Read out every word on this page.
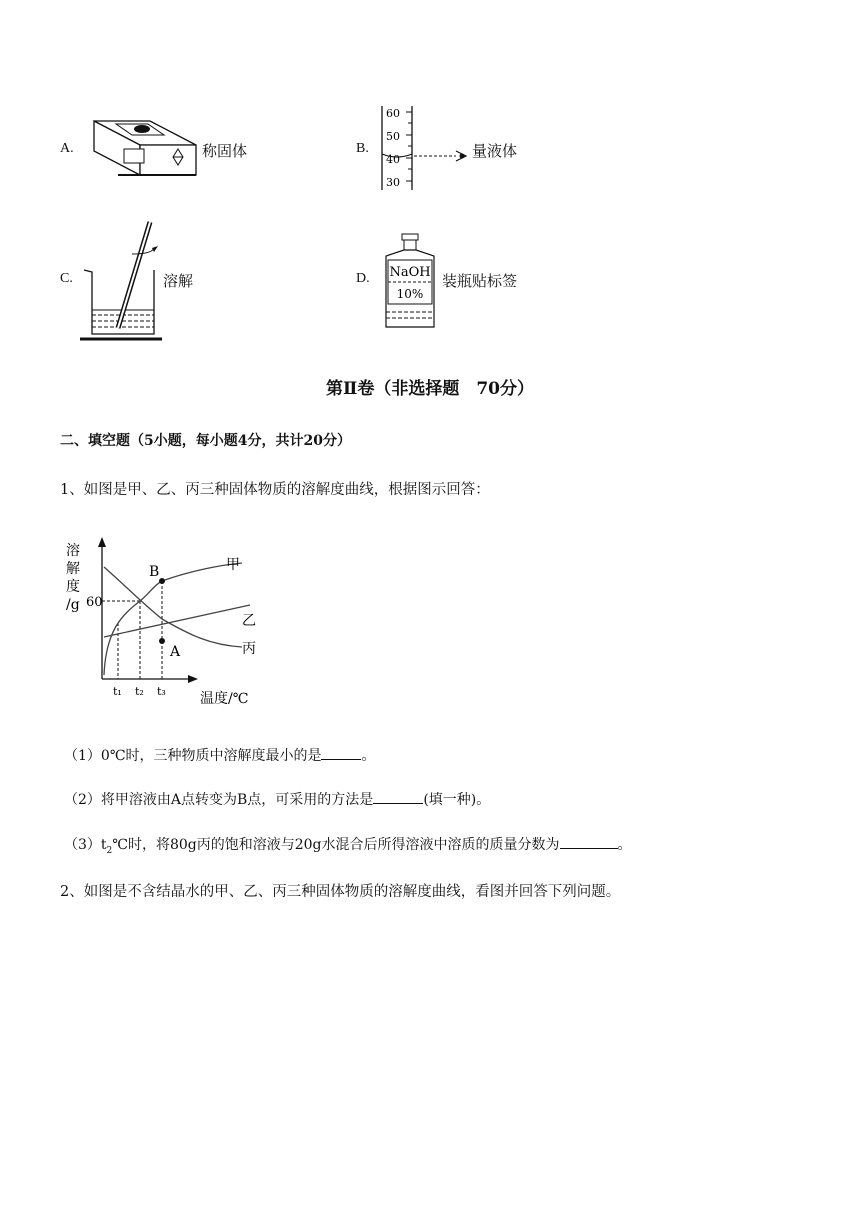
A.	称固体	B.
60
50
40
30
量液体
C.	溶解	D. NaOH
10%
装瓶贴标签
第Ⅱ卷（非选择题　70分）
二、填空题（5小题，每小题4分，共计20分）
1、如图是甲、乙、丙三种固体物质的溶解度曲线，根据图示回答：
溶
解
度
/g 60
B
A
甲
乙
丙
t₁ t₂ t₃ 温度/℃
（1）0℃时，三种物质中溶解度最小的是	。
（2）将甲溶液由A点转变为B点，可采用的方法是	(填一种)。
$(3)t_2℃$时，将80g丙的饱和溶液与20g水混合后所得溶液中溶质的质量分数为	。
2、如图是不含结晶水的甲、乙、丙三种固体物质的溶解度曲线，看图并回答下列问题。
